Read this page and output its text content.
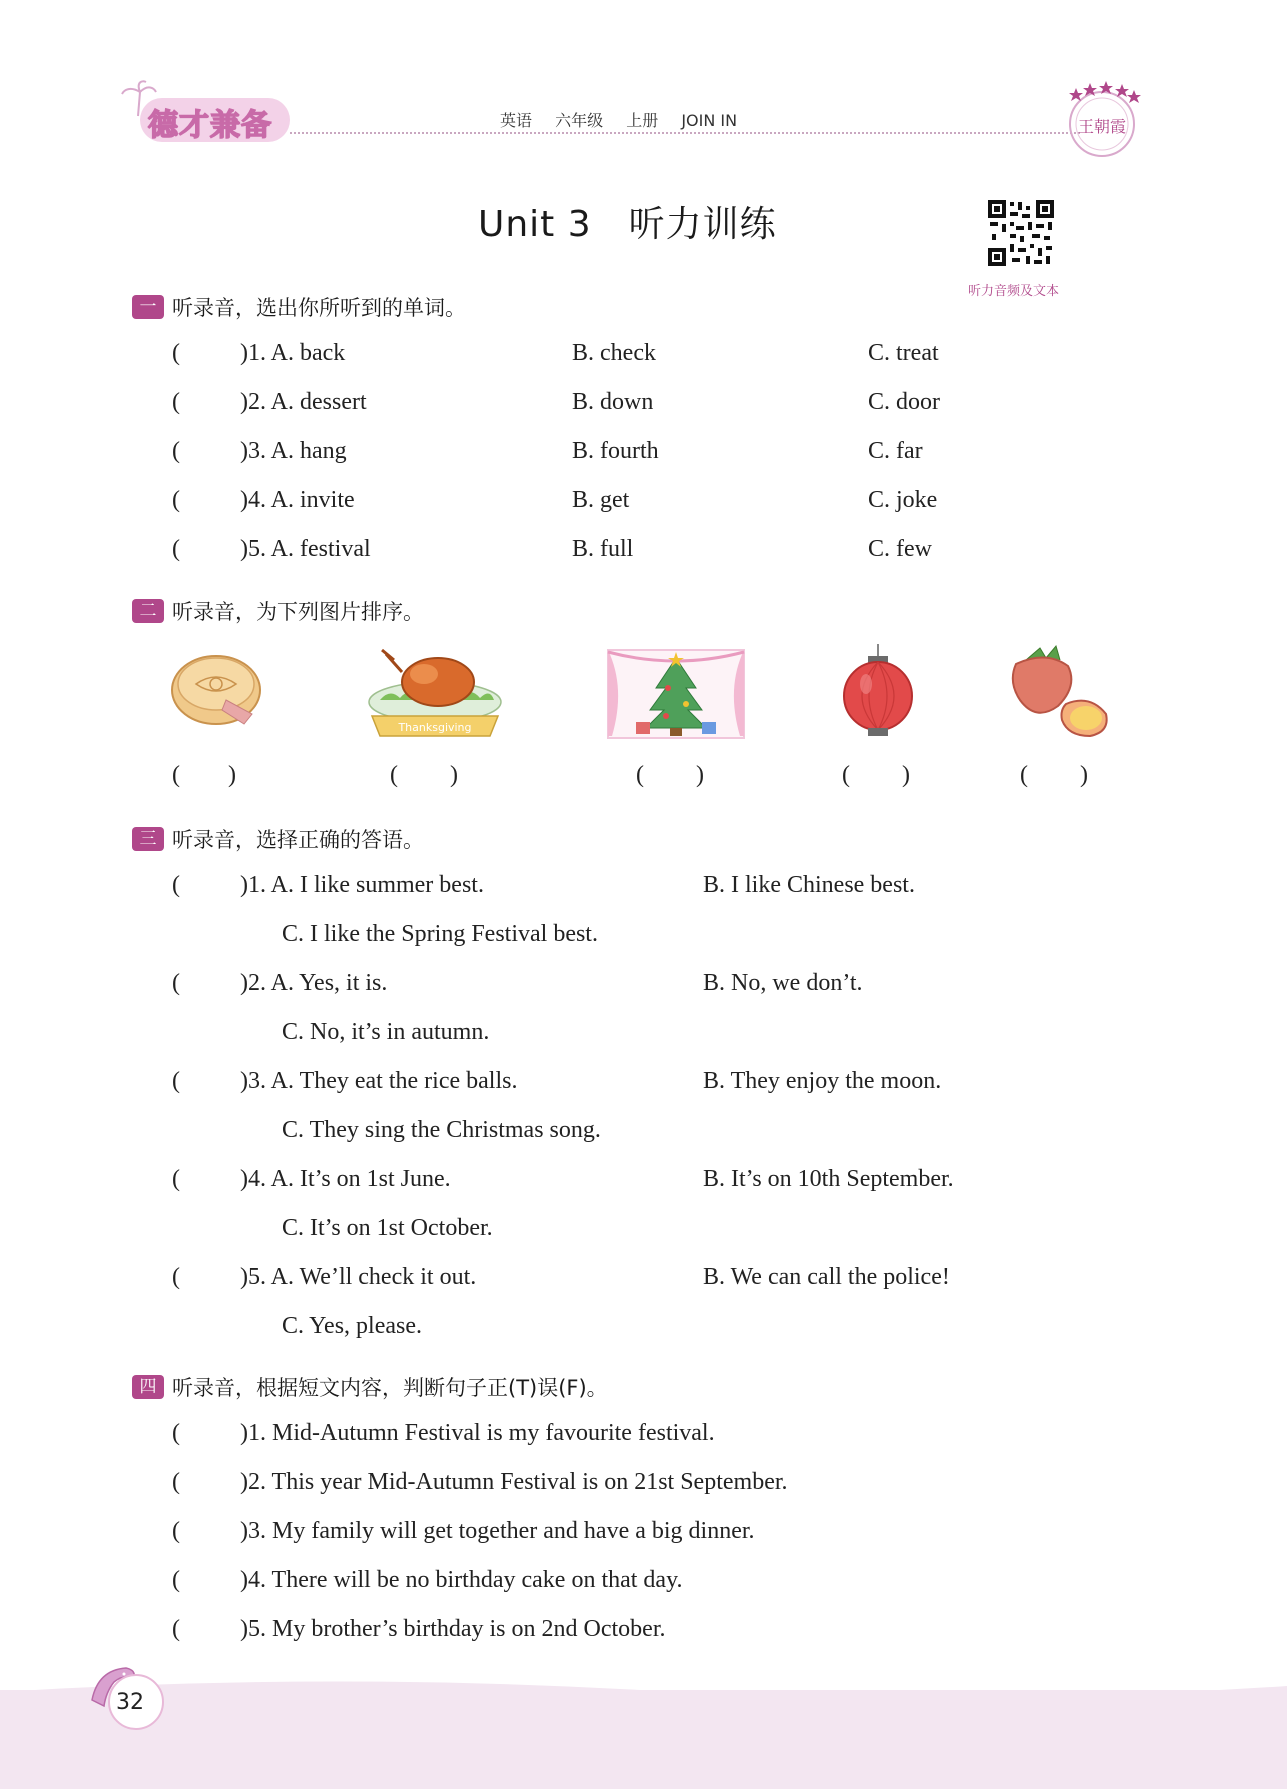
德才兼备	英语 六年级 上册 JOIN IN	王朝霞
Unit 3　听力训练
听力音频及文本
一 听录音，选出你所听到的单词。
(	)1. A. back	B. check	C. treat
(	)2. A. dessert	B. down	C. door
(	)3. A. hang	B. fourth	C. far
(	)4. A. invite	B. get	C. joke
(	)5. A. festival	B. full	C. few
二 听录音，为下列图片排序。
Thanksgiving
( )	( )	( )	( )	( )
三 听录音，选择正确的答语。
(	)1. A. I like summer best.	B. I like Chinese best.
C. I like the Spring Festival best.
(	)2. A. Yes, it is.	B. No, we don’t.
C. No, it’s in autumn.
(	)3. A. They eat the rice balls.	B. They enjoy the moon.
C. They sing the Christmas song.
(	)4. A. It’s on 1st June.	B. It’s on 10th September.
C. It’s on 1st October.
(	)5. A. We’ll check it out.	B. We can call the police!
C. Yes, please.
四 听录音，根据短文内容，判断句子正(T)误(F)。
(	)1. Mid-Autumn Festival is my favourite festival.
(	)2. This year Mid-Autumn Festival is on 21st September.
(	)3. My family will get together and have a big dinner.
(	)4. There will be no birthday cake on that day.
(	)5. My brother’s birthday is on 2nd October.
32
